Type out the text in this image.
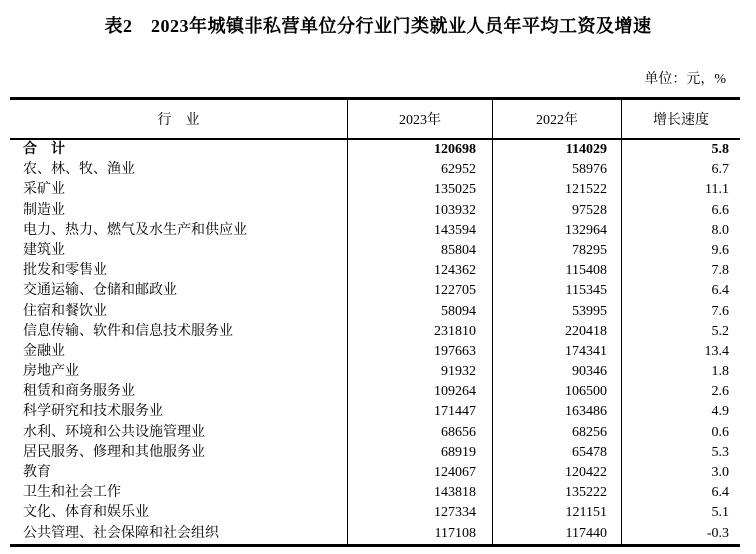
表2　2023年城镇非私营单位分行业门类就业人员年平均工资及增速
单位：元，%
行　业	2023年	2022年	增长速度
合　计	120698	114029	5.8
农、林、牧、渔业	62952	58976	6.7
采矿业	135025	121522	11.1
制造业	103932	97528	6.6
电力、热力、燃气及水生产和供应业	143594	132964	8.0
建筑业	85804	78295	9.6
批发和零售业	124362	115408	7.8
交通运输、仓储和邮政业	122705	115345	6.4
住宿和餐饮业	58094	53995	7.6
信息传输、软件和信息技术服务业	231810	220418	5.2
金融业	197663	174341	13.4
房地产业	91932	90346	1.8
租赁和商务服务业	109264	106500	2.6
科学研究和技术服务业	171447	163486	4.9
水利、环境和公共设施管理业	68656	68256	0.6
居民服务、修理和其他服务业	68919	65478	5.3
教育	124067	120422	3.0
卫生和社会工作	143818	135222	6.4
文化、体育和娱乐业	127334	121151	5.1
公共管理、社会保障和社会组织	117108	117440	-0.3
